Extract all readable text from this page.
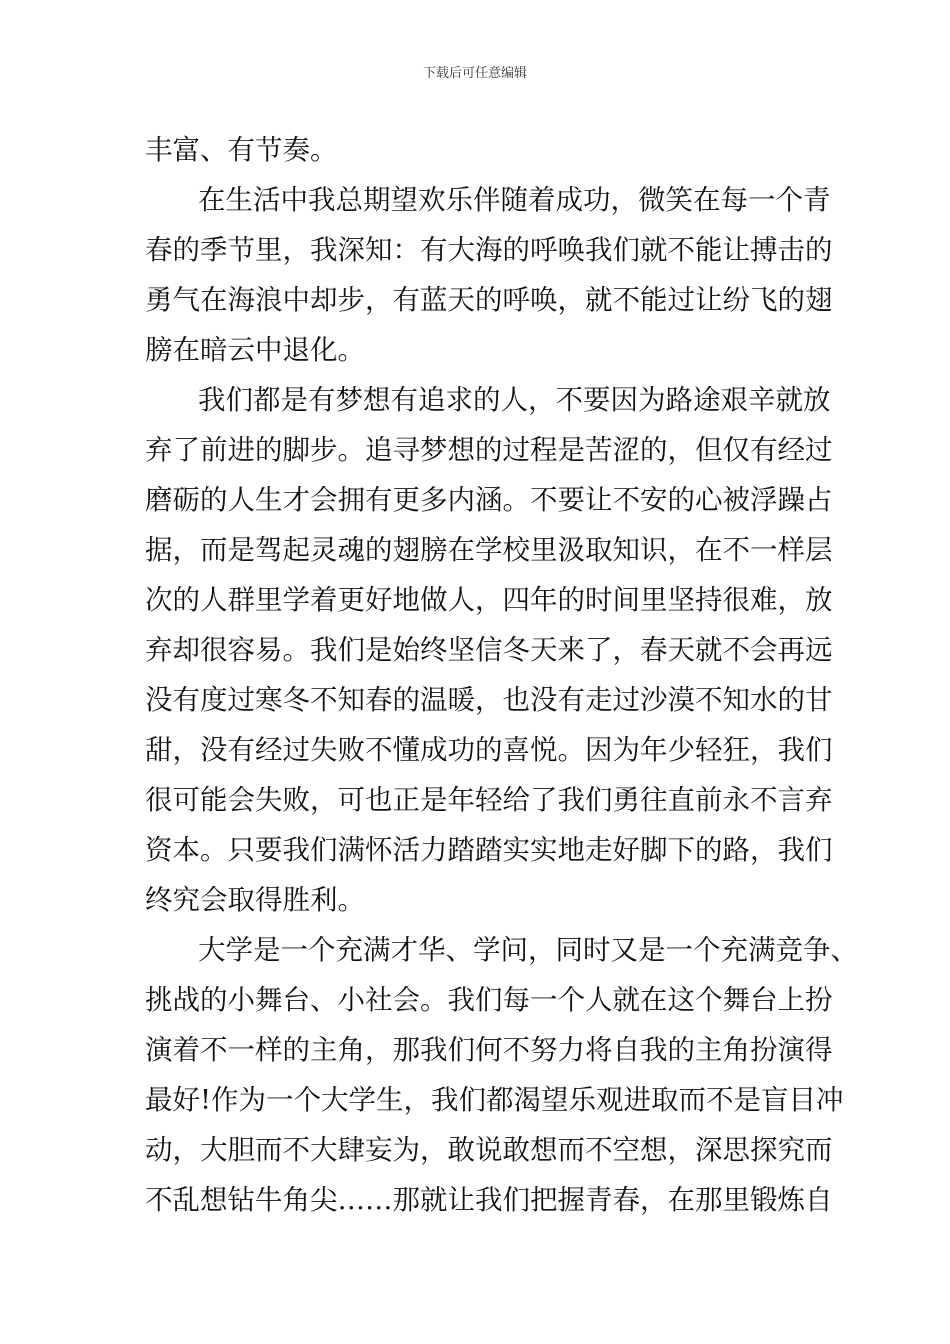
下载后可任意编辑
丰富、有节奏。
在生活中我总期望欢乐伴随着成功，微笑在每一个青
春的季节里，我深知：有大海的呼唤我们就不能让搏击的
勇气在海浪中却步，有蓝天的呼唤，就不能过让纷飞的翅
膀在暗云中退化。
我们都是有梦想有追求的人，不要因为路途艰辛就放
弃了前进的脚步。追寻梦想的过程是苦涩的，但仅有经过
磨砺的人生才会拥有更多内涵。不要让不安的心被浮躁占
据，而是驾起灵魂的翅膀在学校里汲取知识，在不一样层
次的人群里学着更好地做人，四年的时间里坚持很难，放
弃却很容易。我们是始终坚信冬天来了，春天就不会再远
没有度过寒冬不知春的温暖，也没有走过沙漠不知水的甘
甜，没有经过失败不懂成功的喜悦。因为年少轻狂，我们
很可能会失败，可也正是年轻给了我们勇往直前永不言弃
资本。只要我们满怀活力踏踏实实地走好脚下的路，我们
终究会取得胜利。
大学是一个充满才华、学问，同时又是一个充满竞争、
挑战的小舞台、小社会。我们每一个人就在这个舞台上扮
演着不一样的主角，那我们何不努力将自我的主角扮演得
最好!作为一个大学生，我们都渴望乐观进取而不是盲目冲
动，大胆而不大肆妄为，敢说敢想而不空想，深思探究而
不乱想钻牛角尖……那就让我们把握青春，在那里锻炼自
